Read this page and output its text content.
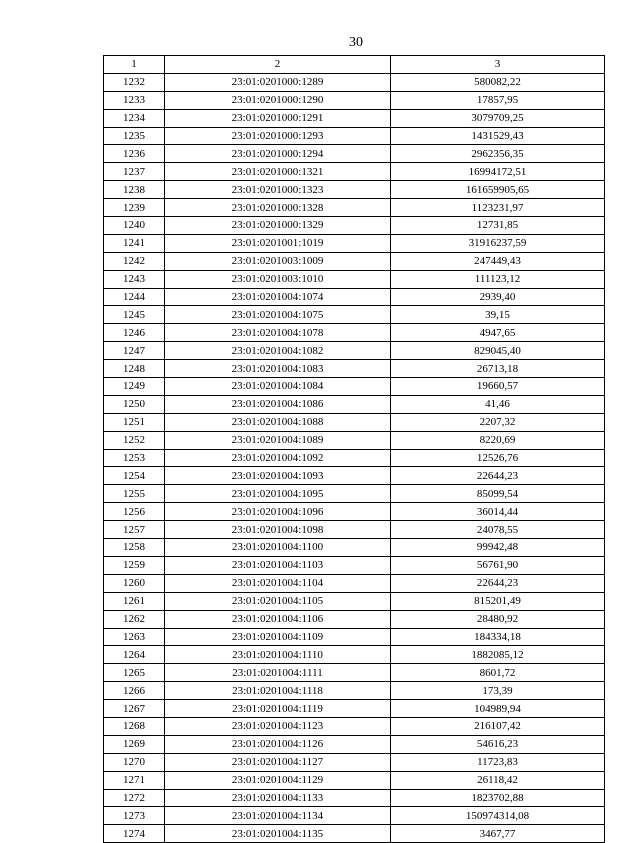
30
1	2	3
1232	23:01:0201000:1289	580082,22
1233	23:01:0201000:1290	17857,95
1234	23:01:0201000:1291	3079709,25
1235	23:01:0201000:1293	1431529,43
1236	23:01:0201000:1294	2962356,35
1237	23:01:0201000:1321	16994172,51
1238	23:01:0201000:1323	161659905,65
1239	23:01:0201000:1328	1123231,97
1240	23:01:0201000:1329	12731,85
1241	23:01:0201001:1019	31916237,59
1242	23:01:0201003:1009	247449,43
1243	23:01:0201003:1010	111123,12
1244	23:01:0201004:1074	2939,40
1245	23:01:0201004:1075	39,15
1246	23:01:0201004:1078	4947,65
1247	23:01:0201004:1082	829045,40
1248	23:01:0201004:1083	26713,18
1249	23:01:0201004:1084	19660,57
1250	23:01:0201004:1086	41,46
1251	23:01:0201004:1088	2207,32
1252	23:01:0201004:1089	8220,69
1253	23:01:0201004:1092	12526,76
1254	23:01:0201004:1093	22644,23
1255	23:01:0201004:1095	85099,54
1256	23:01:0201004:1096	36014,44
1257	23:01:0201004:1098	24078,55
1258	23:01:0201004:1100	99942,48
1259	23:01:0201004:1103	56761,90
1260	23:01:0201004:1104	22644,23
1261	23:01:0201004:1105	815201,49
1262	23:01:0201004:1106	28480,92
1263	23:01:0201004:1109	184334,18
1264	23:01:0201004:1110	1882085,12
1265	23:01:0201004:1111	8601,72
1266	23:01:0201004:1118	173,39
1267	23:01:0201004:1119	104989,94
1268	23:01:0201004:1123	216107,42
1269	23:01:0201004:1126	54616,23
1270	23:01:0201004:1127	11723,83
1271	23:01:0201004:1129	26118,42
1272	23:01:0201004:1133	1823702,88
1273	23:01:0201004:1134	150974314,08
1274	23:01:0201004:1135	3467,77
